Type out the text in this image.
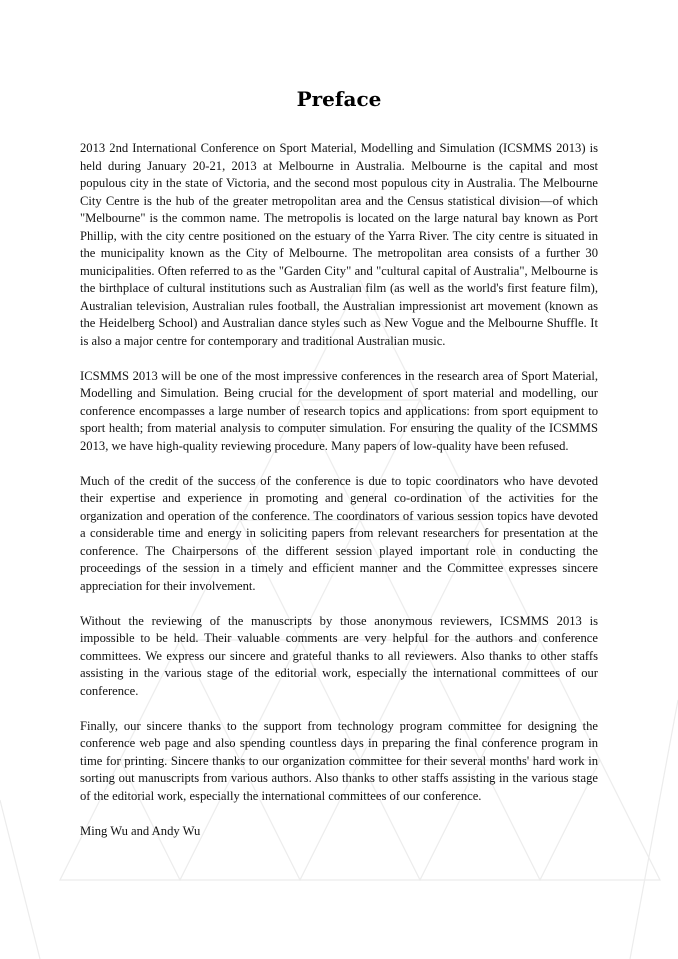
Preface

2013 2nd International Conference on Sport Material, Modelling and Simulation (ICSMMS 2013) is held during January 20-21, 2013 at Melbourne in Australia. Melbourne is the capital and most populous city in the state of Victoria, and the second most populous city in Australia. The Melbourne City Centre is the hub of the greater metropolitan area and the Census statistical division—of which "Melbourne" is the common name. The metropolis is located on the large natural bay known as Port Phillip, with the city centre positioned on the estuary of the Yarra River. The city centre is situated in the municipality known as the City of Melbourne. The metropolitan area consists of a further 30 municipalities. Often referred to as the "Garden City" and "cultural capital of Australia", Melbourne is the birthplace of cultural institutions such as Australian film (as well as the world's first feature film), Australian television, Australian rules football, the Australian impressionist art movement (known as the Heidelberg School) and Australian dance styles such as New Vogue and the Melbourne Shuffle. It is also a major centre for contemporary and traditional Australian music.

ICSMMS 2013 will be one of the most impressive conferences in the research area of Sport Material, Modelling and Simulation. Being crucial for the development of sport material and modelling, our conference encompasses a large number of research topics and applications: from sport equipment to sport health; from material analysis to computer simulation. For ensuring the quality of the ICSMMS 2013, we have high-quality reviewing procedure. Many papers of low-quality have been refused.

Much of the credit of the success of the conference is due to topic coordinators who have devoted their expertise and experience in promoting and general co-ordination of the activities for the organization and operation of the conference. The coordinators of various session topics have devoted a considerable time and energy in soliciting papers from relevant researchers for presentation at the conference. The Chairpersons of the different session played important role in conducting the proceedings of the session in a timely and efficient manner and the Committee expresses sincere appreciation for their involvement.

Without the reviewing of the manuscripts by those anonymous reviewers, ICSMMS 2013 is impossible to be held. Their valuable comments are very helpful for the authors and conference committees. We express our sincere and grateful thanks to all reviewers. Also thanks to other staffs assisting in the various stage of the editorial work, especially the international committees of our conference.

Finally, our sincere thanks to the support from technology program committee for designing the conference web page and also spending countless days in preparing the final conference program in time for printing. Sincere thanks to our organization committee for their several months' hard work in sorting out manuscripts from various authors. Also thanks to other staffs assisting in the various stage of the editorial work, especially the international committees of our conference.

Ming Wu and Andy Wu
